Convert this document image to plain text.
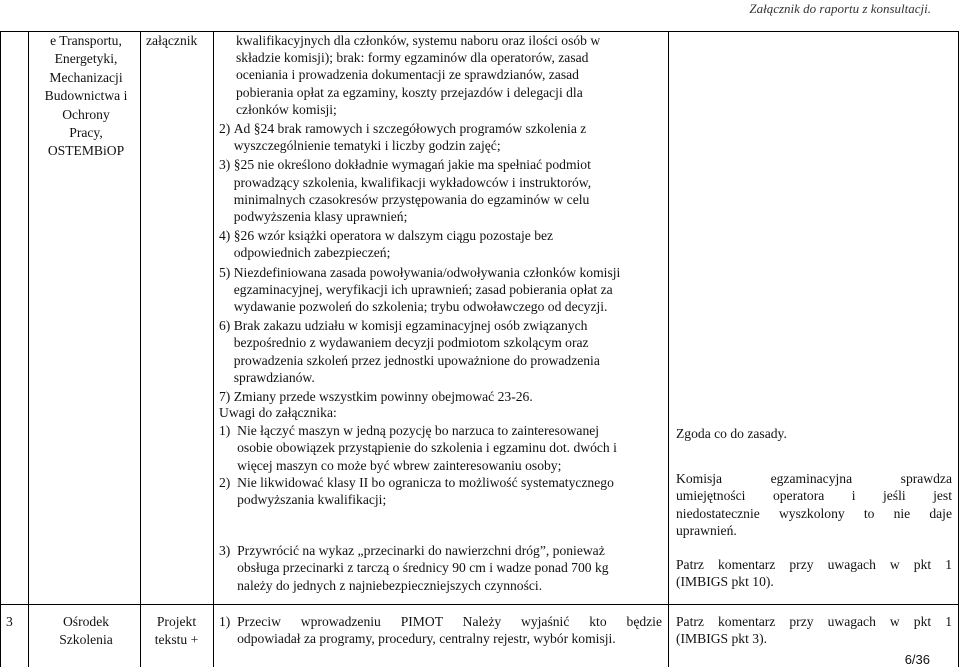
Załącznik do raportu z konsultacji.
e Transportu,
Energetyki,
Mechanizacji
Budownictwa i
Ochrony
Pracy,
OSTEMBiOP
załącznik	kwalifikacyjnych dla członków, systemu naboru oraz ilości osób w
składzie komisji); brak: formy egzaminów dla operatorów, zasad
oceniania i prowadzenia dokumentacji ze sprawdzianów, zasad
pobierania opłat za egzaminy, koszty przejazdów i delegacji dla
członków komisji;
2) Ad §24 brak ramowych i szczegółowych programów szkolenia z
wyszczególnienie tematyki i liczby godzin zajęć;
3) §25 nie określono dokładnie wymagań jakie ma spełniać podmiot
prowadzący szkolenia, kwalifikacji wykładowców i instruktorów,
minimalnych czasokresów przystępowania do egzaminów w celu
podwyższenia klasy uprawnień;
4) §26 wzór książki operatora w dalszym ciągu pozostaje bez
odpowiednich zabezpieczeń;
5) Niezdefiniowana zasada powoływania/odwoływania członków komisji
egzaminacyjnej, weryfikacji ich uprawnień; zasad pobierania opłat za
wydawanie pozwoleń do szkolenia; trybu odwoławczego od decyzji.
6) Brak zakazu udziału w komisji egzaminacyjnej osób związanych
bezpośrednio z wydawaniem decyzji podmiotom szkolącym oraz
prowadzenia szkoleń przez jednostki upoważnione do prowadzenia
sprawdzianów.
7) Zmiany przede wszystkim powinny obejmować 23-26.
Uwagi do załącznika:
1) Nie łączyć maszyn w jedną pozycję bo narzuca to zainteresowanej
osobie obowiązek przystąpienie do szkolenia i egzaminu dot. dwóch i
więcej maszyn co może być wbrew zainteresowaniu osoby;
2) Nie likwidować klasy II bo ogranicza to możliwość systematycznego
podwyższania kwalifikacji;
3) Przywrócić na wykaz „przecinarki do nawierzchni dróg”, ponieważ
obsługa przecinarki z tarczą o średnicy 90 cm i wadze ponad 700 kg
należy do jednych z najniebezpieczniejszych czynności.
Zgoda co do zasady.
Komisja egzaminacyjna sprawdza
umiejętności operatora i jeśli jest
niedostatecznie wyszkolony to nie daje
uprawnień.
Patrz komentarz przy uwagach w pkt 1
(IMBIGS pkt 10).
3	Ośrodek
Szkolenia
Projekt
tekstu +
1) Przeciw wprowadzeniu PIMOT Należy wyjaśnić kto będzie
odpowiadał za programy, procedury, centralny rejestr, wybór komisji.
Patrz komentarz przy uwagach w pkt 1
(IMBIGS pkt 3).
6/36
